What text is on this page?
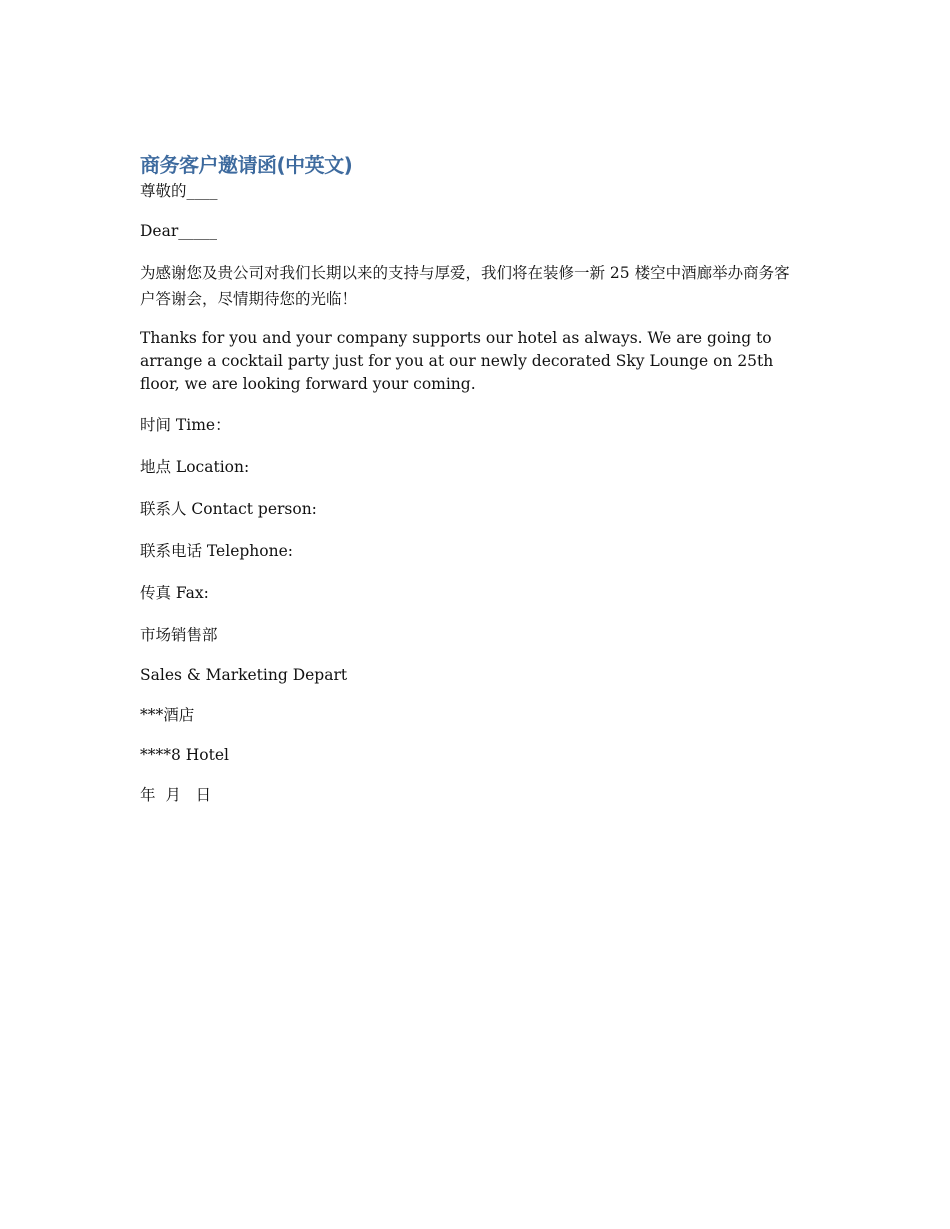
商务客户邀请函(中英文)

尊敬的____

Dear_____

为感谢您及贵公司对我们长期以来的支持与厚爱，我们将在装修一新 25 楼空中酒廊举办商务客户答谢会，尽情期待您的光临！

Thanks for you and your company supports our hotel as always. We are going to arrange a cocktail party just for you at our newly decorated Sky Lounge on 25th floor, we are looking forward your coming.

时间 Time：

地点 Location:

联系人 Contact person:

联系电话 Telephone:

传真 Fax:

市场销售部

Sales & Marketing Depart

***酒店

****8 Hotel

年  月   日
